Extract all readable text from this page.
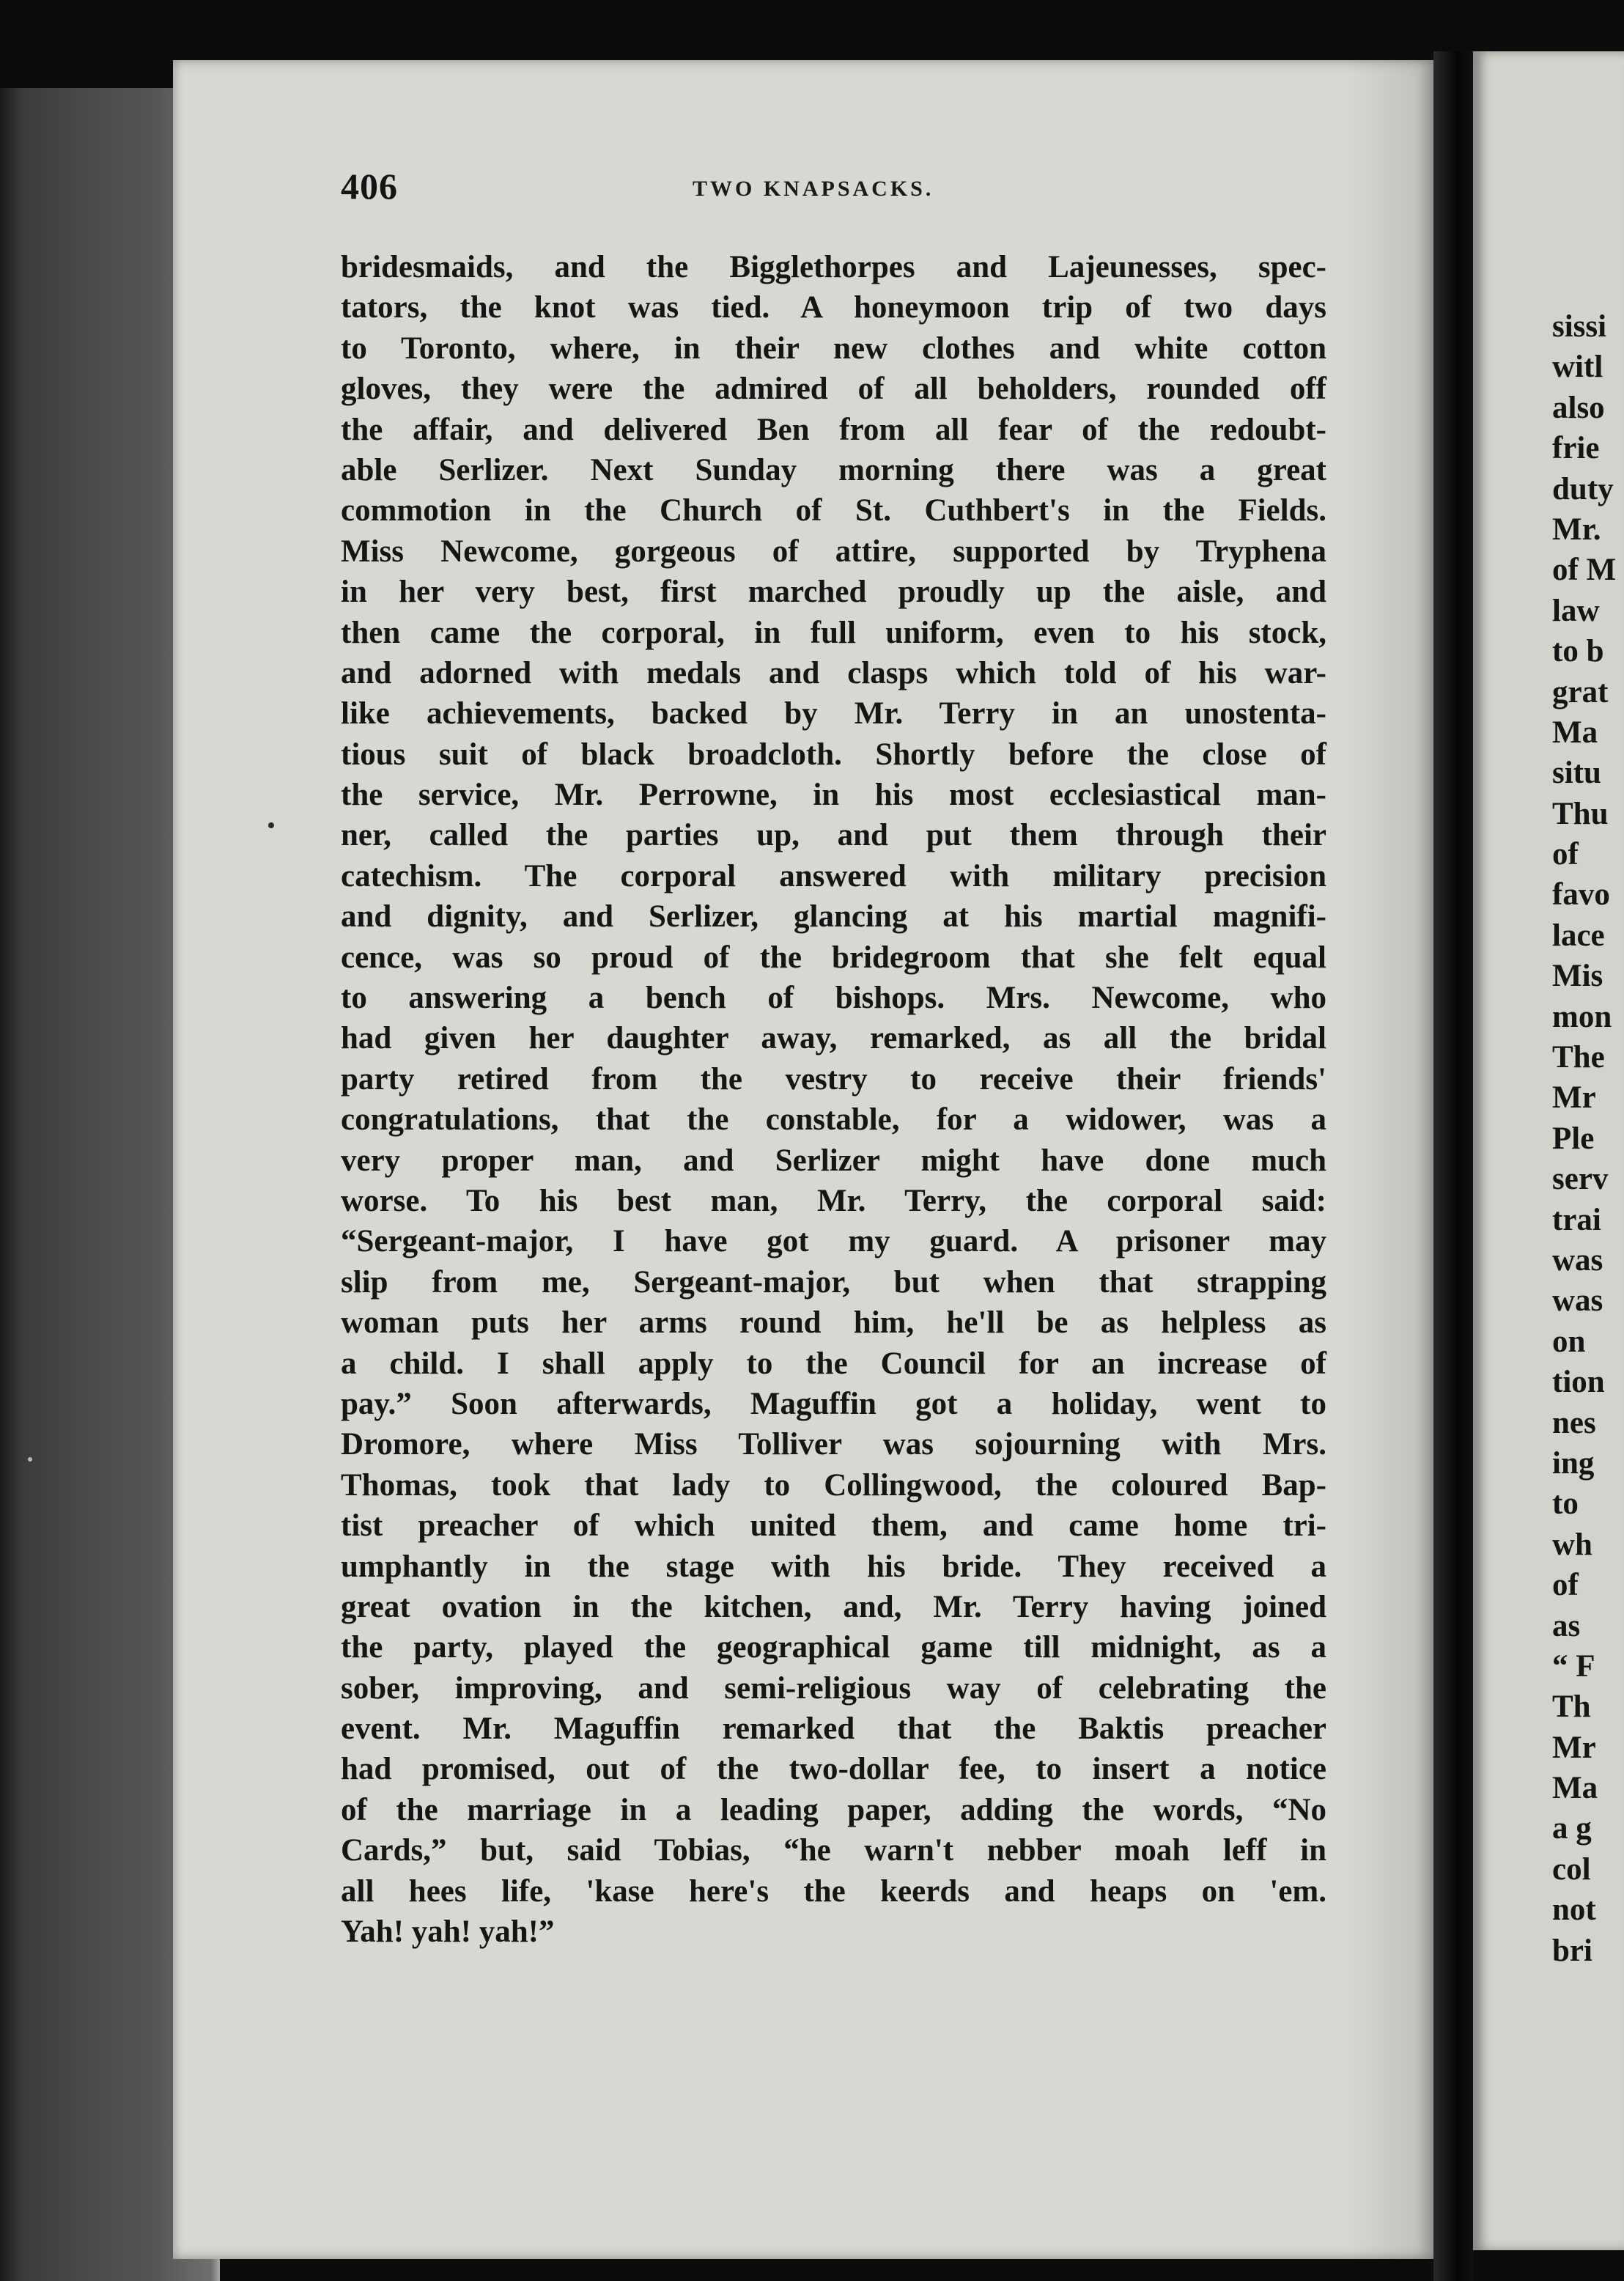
406	TWO KNAPSACKS.
bridesmaids, and the Bigglethorpes and Lajeunesses, spec-
tators, the knot was tied. A honeymoon trip of two days
to Toronto, where, in their new clothes and white cotton
gloves, they were the admired of all beholders, rounded off
the affair, and delivered Ben from all fear of the redoubt-
able Serlizer. Next Sunday morning there was a great
commotion in the Church of St. Cuthbert's in the Fields.
Miss Newcome, gorgeous of attire, supported by Tryphena
in her very best, first marched proudly up the aisle, and
then came the corporal, in full uniform, even to his stock,
and adorned with medals and clasps which told of his war-
like achievements, backed by Mr. Terry in an unostenta-
tious suit of black broadcloth. Shortly before the close of
the service, Mr. Perrowne, in his most ecclesiastical man-
ner, called the parties up, and put them through their
catechism. The corporal answered with military precision
and dignity, and Serlizer, glancing at his martial magnifi-
cence, was so proud of the bridegroom that she felt equal
to answering a bench of bishops. Mrs. Newcome, who
had given her daughter away, remarked, as all the bridal
party retired from the vestry to receive their friends'
congratulations, that the constable, for a widower, was a
very proper man, and Serlizer might have done much
worse. To his best man, Mr. Terry, the corporal said:
“Sergeant-major, I have got my guard. A prisoner may
slip from me, Sergeant-major, but when that strapping
woman puts her arms round him, he'll be as helpless as
a child. I shall apply to the Council for an increase of
pay.” Soon afterwards, Maguffin got a holiday, went to
Dromore, where Miss Tolliver was sojourning with Mrs.
Thomas, took that lady to Collingwood, the coloured Bap-
tist preacher of which united them, and came home tri-
umphantly in the stage with his bride. They received a
great ovation in the kitchen, and, Mr. Terry having joined
the party, played the geographical game till midnight, as a
sober, improving, and semi-religious way of celebrating the
event. Mr. Maguffin remarked that the Baktis preacher
had promised, out of the two-dollar fee, to insert a notice
of the marriage in a leading paper, adding the words, “No
Cards,” but, said Tobias, “he warn't nebber moah leff in
all hees life, 'kase here's the keerds and heaps on 'em.
Yah! yah! yah!”
sissi
witl
also
frie
duty
Mr.
of M
law
to b
grat
Ma
situ
Thu
of
favo
lace
Mis
mon
The
Mr
Ple
serv
trai
was
was
on
tion
nes
ing
to
wh
of
as
“ F
Th
Mr
Ma
a g
col
not
bri
